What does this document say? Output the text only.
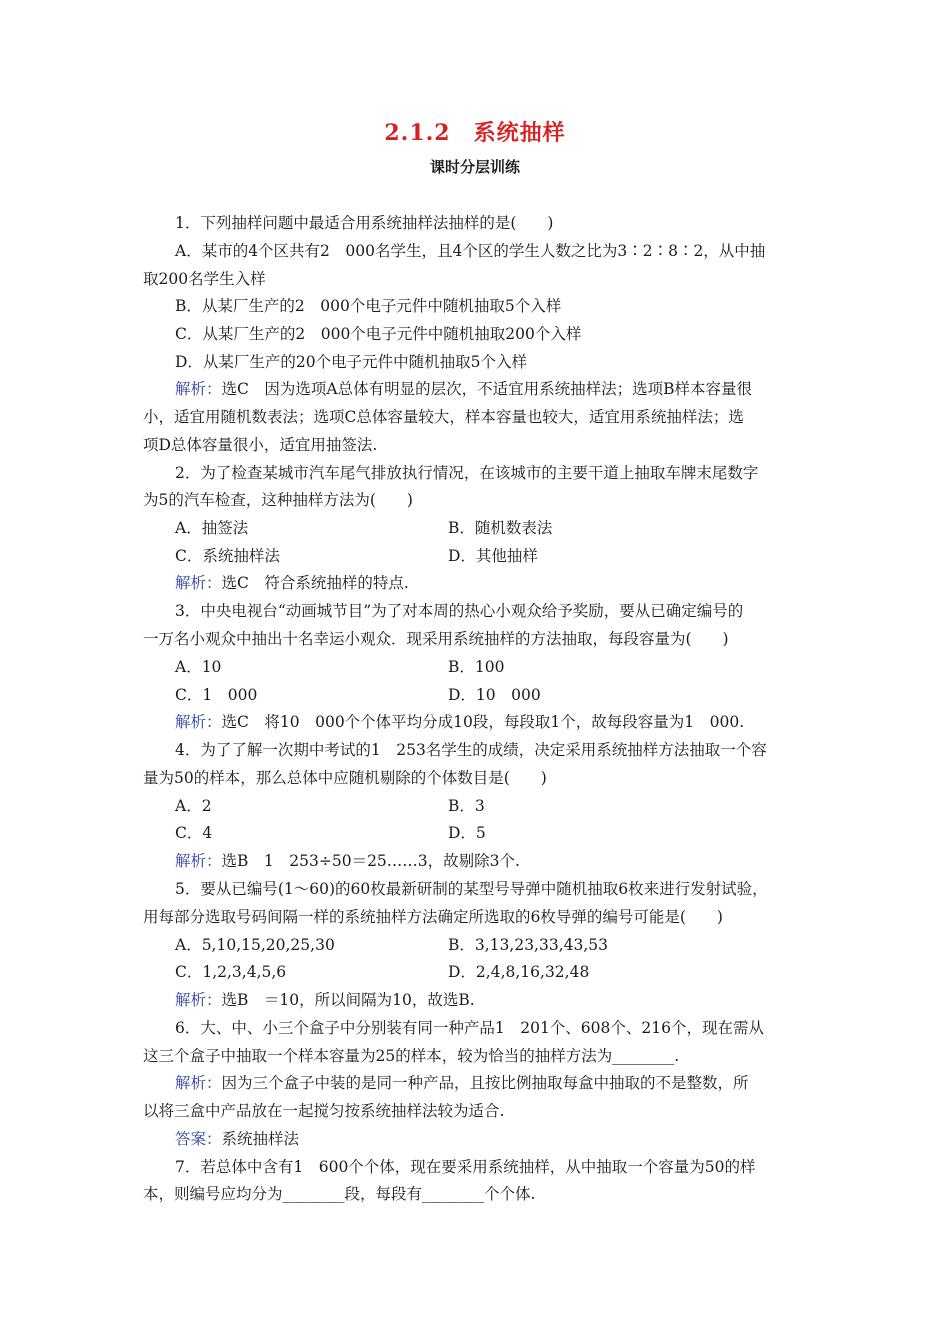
2.1.2　系统抽样
课时分层训练
1．下列抽样问题中最适合用系统抽样法抽样的是(　　)
A．某市的4个区共有2　000名学生，且4个区的学生人数之比为3∶2∶8∶2，从中抽
取200名学生入样
B．从某厂生产的2　000个电子元件中随机抽取5个入样
C．从某厂生产的2　000个电子元件中随机抽取200个入样
D．从某厂生产的20个电子元件中随机抽取5个入样
解析：选C　因为选项A总体有明显的层次，不适宜用系统抽样法；选项B样本容量很
小，适宜用随机数表法；选项C总体容量较大，样本容量也较大，适宜用系统抽样法；选
项D总体容量很小，适宜用抽签法.
2．为了检查某城市汽车尾气排放执行情况，在该城市的主要干道上抽取车牌末尾数字
为5的汽车检查，这种抽样方法为(　　)
A．抽签法	B．随机数表法
C．系统抽样法	D．其他抽样
解析：选C　符合系统抽样的特点.
3．中央电视台“动画城节目”为了对本周的热心小观众给予奖励，要从已确定编号的
一万名小观众中抽出十名幸运小观众．现采用系统抽样的方法抽取，每段容量为(　　)
A．10	B．100
C．1　000	D．10　000
解析：选C　将10　000个个体平均分成10段，每段取1个，故每段容量为1　000.
4．为了了解一次期中考试的1　253名学生的成绩，决定采用系统抽样方法抽取一个容
量为50的样本，那么总体中应随机剔除的个体数目是(　　)
A．2	B．3
C．4	D．5
解析：选B　1　253÷50＝25……3，故剔除3个.
5．要从已编号(1～60)的60枚最新研制的某型号导弹中随机抽取6枚来进行发射试验，
用每部分选取号码间隔一样的系统抽样方法确定所选取的6枚导弹的编号可能是(　　)
A．5,10,15,20,25,30	B．3,13,23,33,43,53
C．1,2,3,4,5,6	D．2,4,8,16,32,48
解析：选B　＝10，所以间隔为10，故选B.
6．大、中、小三个盒子中分别装有同一种产品1　201个、608个、216个，现在需从
这三个盒子中抽取一个样本容量为25的样本，较为恰当的抽样方法为________.
解析：因为三个盒子中装的是同一种产品，且按比例抽取每盒中抽取的不是整数，所
以将三盒中产品放在一起搅匀按系统抽样法较为适合.
答案：系统抽样法
7．若总体中含有1　600个个体，现在要采用系统抽样，从中抽取一个容量为50的样
本，则编号应均分为________段，每段有________个个体.
